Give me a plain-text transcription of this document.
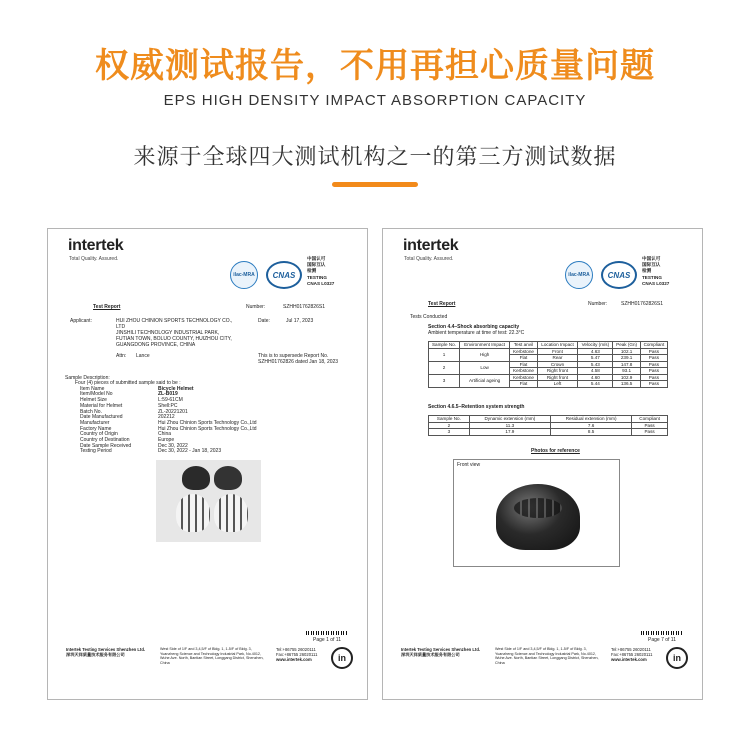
权威测试报告，不用再担心质量问题
EPS HIGH DENSITY IMPACT ABSORPTION CAPACITY
来源于全球四大测试机构之一的第三方测试数据
intertek
Total Quality. Assured.
ilac-MRA	CNAS
中国认可
国际互认
检测
TESTING
CNAS L0327
Test Report	Number:	SZHH01762826S1
Applicant:	HUI ZHOU CHINION SPORTS TECHNOLOGY CO., LTD
JINSHILI TECHNOLOGY INDUSTRIAL PARK, FUTIAN TOWN, BOLUO COUNTY, HUIZHOU CITY, GUANGDONG PROVINCE, CHINA
Date:	Jul 17, 2023
Attn: Lance	This is to supersede Report No. SZHH01762826 dated Jan 18, 2023
Sample Description:
Four (4) pieces of submitted sample said to be :
Item Name	Bicycle Helmet
Item/Model No	ZL-B019
Helmet Size	L:59-61CM
Material for Helmet	Shell:PC
Batch No.	ZL-20221201
Date Manufactured	202212
Manufacturer	Hui Zhou Chinion Sports Technology Co.,Ltd
Factory Name	Hui Zhou Chinion Sports Technology Co.,Ltd
Country of Origin	China
Country of Destination	Europe
Date Sample Received	Dec 30, 2022
Testing Period	Dec 30, 2022 - Jan 18, 2023
Page 1 of 11
Intertek Testing Services Shenzhen Ltd.
深圳天祥质量技术服务有限公司
West Side of 1/F and 3,4,5/F of Bldg. 1, 1-5/F of Bldg. 3, Yuanzheng Science and Technology Industrial Park, No.4012, Wuhe Ave. North, Bantian Street, Longgang District, Shenzhen, China
Tel:+86755 26020111
Fax:+86755 26020111
www.intertek.com	in
intertek
Total Quality. Assured.
ilac-MRA	CNAS
中国认可
国际互认
检测
TESTING
CNAS L0327
Test Report	Number:	SZHH01762826S1
Tests Conducted
Section 4.4–Shock absorbing capacity
Ambient temperature at time of test: 22.3°C
Sample No.	Environment Impact	Test anvil	Location Impact	Velocity (m/s)	Peak (Gn)	Compliant
1	High	Kerbstone	Front	4.63	102.1	Pass
		Flat	Rear	5.47	239.1	Pass
2	Low	Flat	Crown	5.43	147.8	Pass
		Kerbstone	Right front	4.58	93.1	Pass
3	Artificial ageing	Kerbstone	Right front	4.60	102.9	Pass
		Flat	Left	5.44	136.5	Pass
Section 4.6.5–Retention system strength
Sample No.	Dynamic extension (mm)	Residual extension (mm)	Compliant
2	11.3	7.6	Pass
3	17.9	8.5	Pass
Photos for reference
Front view
Page 7 of 11
Intertek Testing Services Shenzhen Ltd.
深圳天祥质量技术服务有限公司
West Side of 1/F and 3,4,5/F of Bldg. 1, 1-5/F of Bldg. 3, Yuanzheng Science and Technology Industrial Park, No.4012, Wuhe Ave. North, Bantian Street, Longgang District, Shenzhen, China
Tel:+86755 26020111
Fax:+86755 26020111
www.intertek.com	in
